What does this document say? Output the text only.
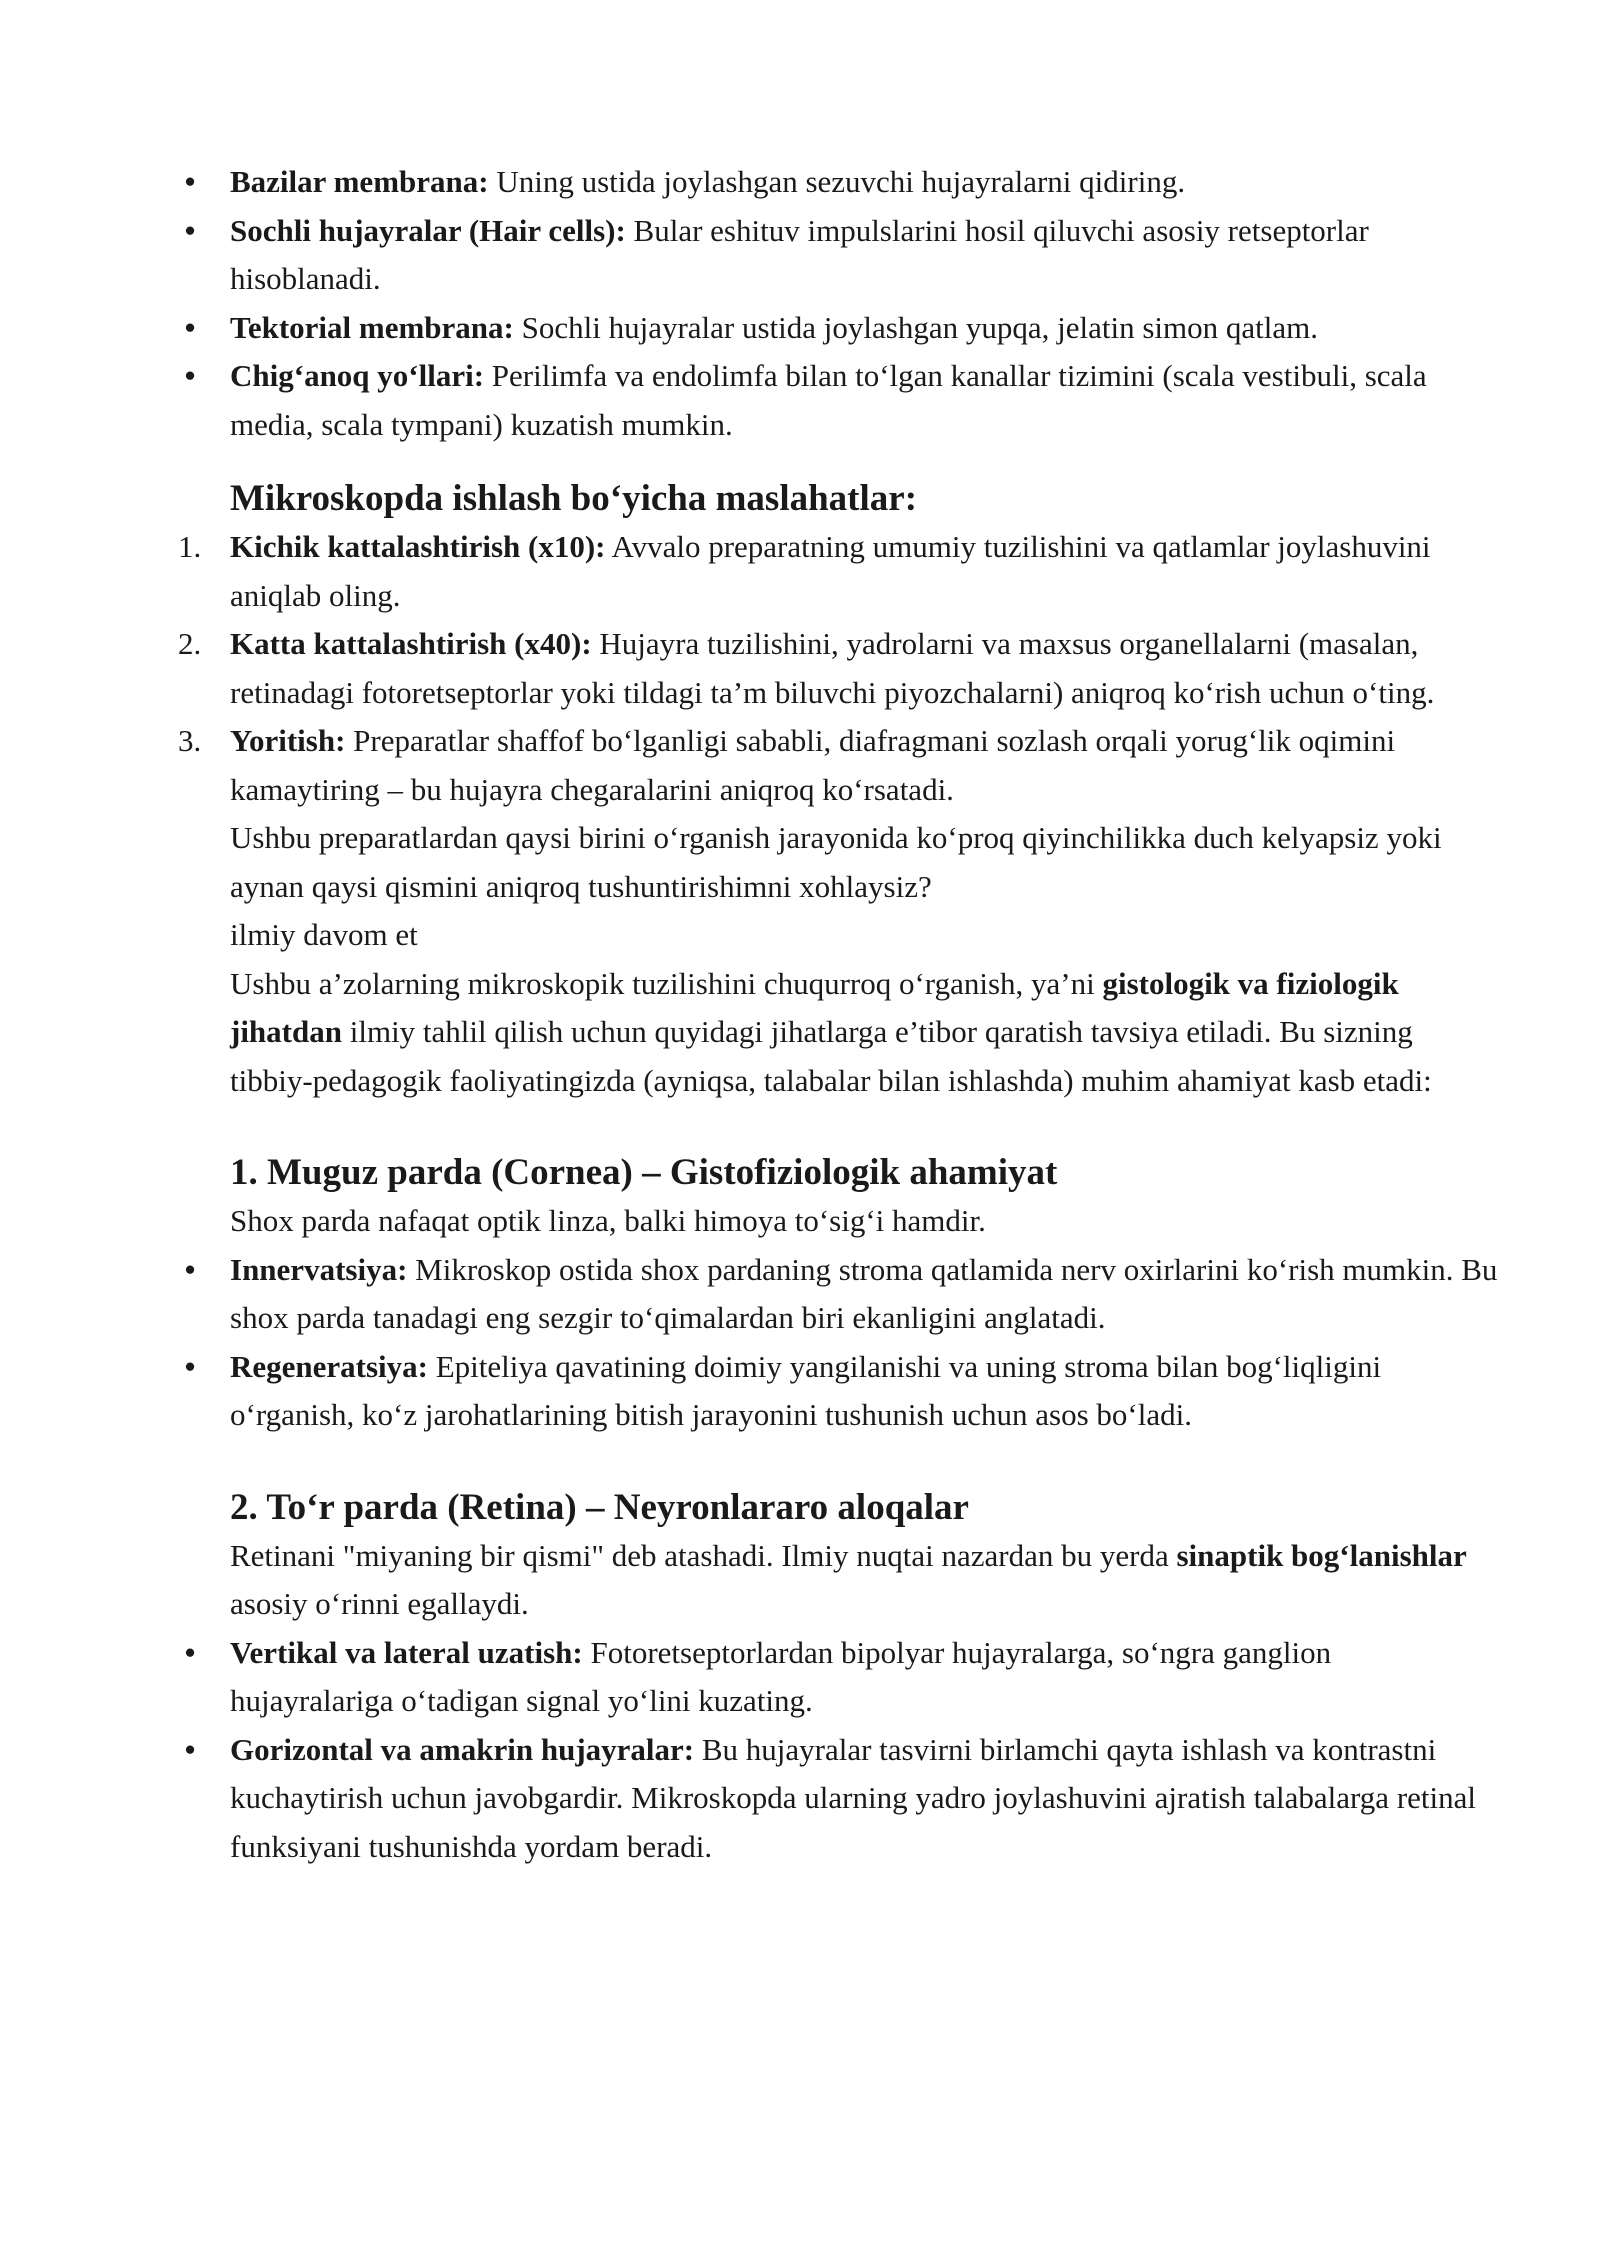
• Bazilar membrana: Uning ustida joylashgan sezuvchi hujayralarni qidiring.
• Sochli hujayralar (Hair cells): Bular eshituv impulslarini hosil qiluvchi asosiy retseptorlar hisoblanadi.
• Tektorial membrana: Sochli hujayralar ustida joylashgan yupqa, jelatin simon qatlam.
• Chig‘anoq yo‘llari: Perilimfa va endolimfa bilan to‘lgan kanallar tizimini (scala vestibuli, scala media, scala tympani) kuzatish mumkin.
Mikroskopda ishlash bo‘yicha maslahatlar:
1. Kichik kattalashtirish (x10): Avvalo preparatning umumiy tuzilishini va qatlamlar joylashuvini aniqlab oling.
2. Katta kattalashtirish (x40): Hujayra tuzilishini, yadrolarni va maxsus organellalarni (masalan, retinadagi fotoretseptorlar yoki tildagi ta’m biluvchi piyozchalarni) aniqroq ko‘rish uchun o‘ting.
3. Yoritish: Preparatlar shaffof bo‘lganligi sababli, diafragmani sozlash orqali yorug‘lik oqimini kamaytiring – bu hujayra chegaralarini aniqroq ko‘rsatadi.

Ushbu preparatlardan qaysi birini o‘rganish jarayonida ko‘proq qiyinchilikka duch kelyapsiz yoki aynan qaysi qismini aniqroq tushuntirishimni xohlaysiz?

ilmiy davom et

Ushbu a’zolarning mikroskopik tuzilishini chuqurroq o‘rganish, ya’ni gistologik va fiziologik jihatdan ilmiy tahlil qilish uchun quyidagi jihatlarga e’tibor qaratish tavsiya etiladi. Bu sizning tibbiy-pedagogik faoliyatingizda (ayniqsa, talabalar bilan ishlashda) muhim ahamiyat kasb etadi:

1. Muguz parda (Cornea) – Gistofiziologik ahamiyat

Shox parda nafaqat optik linza, balki himoya to‘sig‘i hamdir.

• Innervatsiya: Mikroskop ostida shox pardaning stroma qatlamida nerv oxirlarini ko‘rish mumkin. Bu shox parda tanadagi eng sezgir to‘qimalardan biri ekanligini anglatadi.
• Regeneratsiya: Epiteliya qavatining doimiy yangilanishi va uning stroma bilan bog‘liqligini o‘rganish, ko‘z jarohatlarining bitish jarayonini tushunish uchun asos bo‘ladi.
2. To‘r parda (Retina) – Neyronlararo aloqalar

Retinani "miyaning bir qismi" deb atashadi. Ilmiy nuqtai nazardan bu yerda sinaptik bog‘lanishlar asosiy o‘rinni egallaydi.

• Vertikal va lateral uzatish: Fotoretseptorlardan bipolyar hujayralarga, so‘ngra ganglion hujayralariga o‘tadigan signal yo‘lini kuzating.
• Gorizontal va amakrin hujayralar: Bu hujayralar tasvirni birlamchi qayta ishlash va kontrastni kuchaytirish uchun javobgardir. Mikroskopda ularning yadro joylashuvini ajratish talabalarga retinal funksiyani tushunishda yordam beradi.
